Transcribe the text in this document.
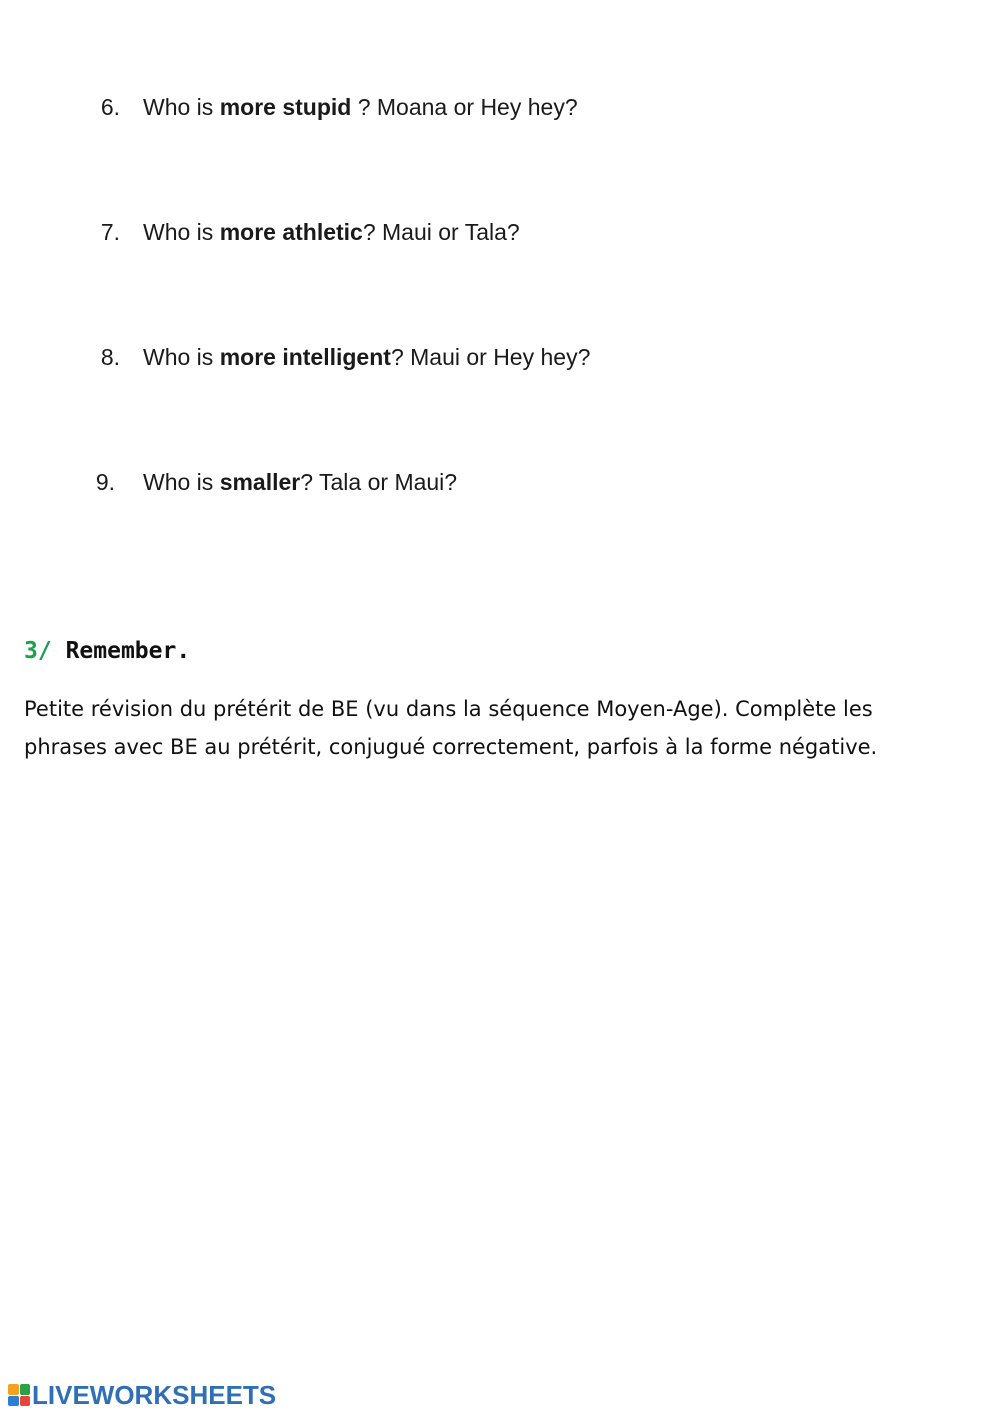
6. Who is more stupid ? Moana or Hey hey?
7. Who is more athletic? Maui or Tala?
8. Who is more intelligent? Maui or Hey hey?
9. Who is smaller? Tala or Maui?
3/ Remember.
Petite révision du prétérit de BE (vu dans la séquence Moyen-Age). Complète les
phrases avec BE au prétérit, conjugué correctement, parfois à la forme négative.
LIVEWORKSHEETS
